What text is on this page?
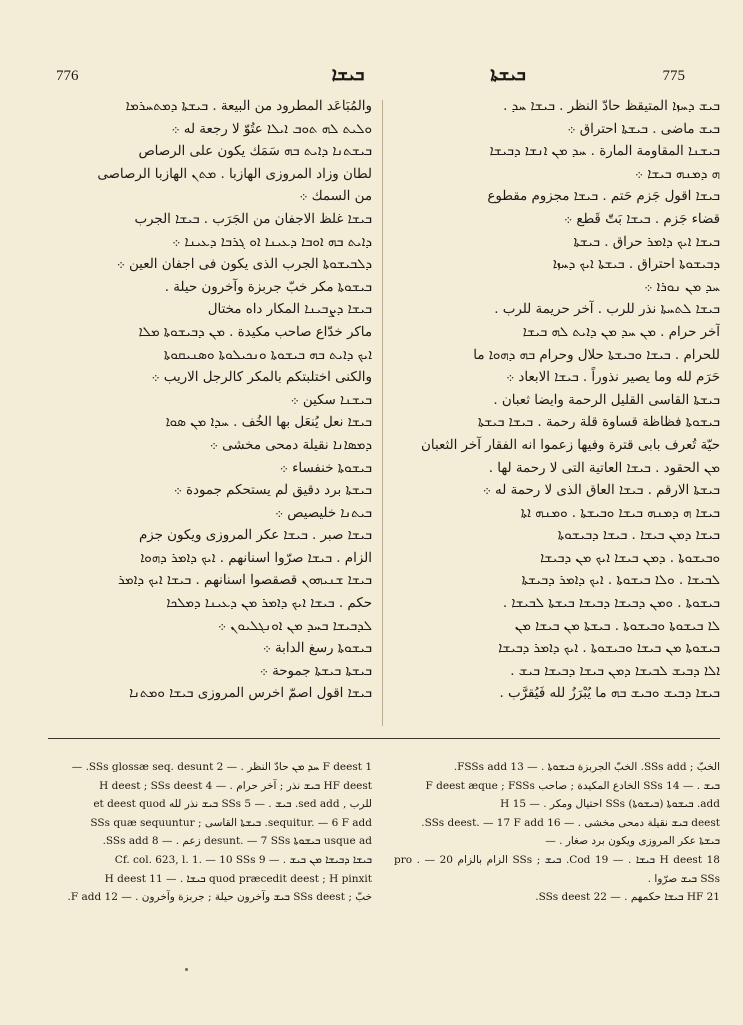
776	ܒܝܫܐ	ܒܝܫܬܐ	775

والمُبَاعَد المطرود من البيعة . ܒܝܫܬܐ ܕܡܬܚܪܡܐ

ܘܠܝܬ ܠܗ ܬܘܒ ܐܝܠܐ عتُوّ لا رجعة له ܀

ܒܝܫܬܢܐ ܕܐܝܬ ܒܗ سَمَك يكون على الرصاص

لطان وزاد المروزى الهازبا . ܡܬܢ الهازبا الرصاصى

من السمك ܀

ܒܝܫܐ غلظ الاجفان من الجَرَب . ܒܝܫܐ الجرب

ܕܐܝܬ ܒܗ ܐܘܒܐ ܕܥܝܢܐ ܐܘ ܓܪܒܐ ܕܥܝܢܐ ܀

ܕܠܒܝܫܘܬܐ الجرب الذى يكون فى اجفان العين ܀

ܒܝܫܘܬܐ مكر خبّ جربزة وآخرون حيلة .

ܒܝܫܐ ܕܨܒܝܢܐ المكار داه مختال

ماكر خدّاع صاحب مكيدة . ܡܢ ܕܒܝܫܘܬܐ ܡܠܐ

ܐܝܟ ܕܐܝܬ ܒܗ ܒܝܫܘܬܐ ܘܢܟܝܠܘܬܐ ܘܣܢܝܩܘܬܐ

والكنى اختلبتكم بالمكر كالرجل الاريب ܀

ܒܝܫܢܐ سكين ܀

ܒܝܫܐ نعل يُنعَل بها الخُف . ܚܕܐ ܡܢ ܣܘܐ

ܕܡܣܐܢܐ نقيلة دمحى مخشى ܀

ܒܝܫܘܬܐ خنفساء ܀

ܒܝܫܬܐ برد دقيق لم يستحكم جمودة ܀

ܒܝܬܢܐ خليصيص ܀

ܒܝܫܐ صبر . ܒܝܫܐ عكر المروزى ويكون جزم

الزام . ܒܝܫܐ صرّوا اسنانهم . ܐܝܟ ܕܐܡܪ ܕܗܘܐ

ܒܝܫܐ ܫܢܝܗܘܢ قصقصوا اسنانهم . ܒܝܫܐ ܐܝܟ ܕܐܡܪ

حكم . ܒܝܫܐ ܐܝܟ ܕܐܡܪ ܡܢ ܕܥܝܢܐ ܕܡܠܟܐ

ܠܕܒܝܫܐ ܒܚܕ ܡܢ ܐܘܢܓܠܝܘܢ ܀

ܒܝܫܘܬܐ رسغ الدابة ܀

ܒܝܫܬܐ ܒܝܫܬܐ جموحة ܀

ܒܝܫܐ اقول اصمّ اخرس المروزى ܒܝܫܐ ܘܡܬܢܐ

ܒܝܫ ܕܚܙܐ المتيقظ حادّ النظر . ܒܝܫܐ ܚܕ .

ܒܝܫ ماضى . ܒܝܫܬܐ احتراق ܀

ܒܝܫܢܐ المقاومة المارة . ܚܕ ܡܢ ܐܢܫܐ ܕܒܝܫܐ

ܗ ܕܡܢܗ ܒܝܫܐ ܀

ܒܝܫܐ اقول جَزم حَتم . ܒܝܫܐ مجزوم مقطوع

قضاء جَزم . ܒܝܫܐ بَتّ قَطع ܀

ܒܝܫܐ ܐܝܟ ܕܐܡܪ حراق . ܒܝܫܬܐ

ܕܒܝܫܘܬܐ احتراق . ܒܝܫܬܐ ܐܝܟ ܕܚܙܐ

ܚܕ ܡܢ ܢܘܪܐ ܀

ܒܝܫܐ ܠܬܚܬܐ نذر للرب . آخر حريمة للرب .

آخر حرام . ܡܢ ܚܕ ܡܢ ܕܐܝܬ ܠܗ ܒܝܫܐ

للحرام . ܒܝܫܐ ܘܒܝܫܬܐ حلال وحرام ܒܗ ܕܗܘܐ ما

حَرَم لله وما يصير نذوراً . ܒܝܫܐ الابعاد ܀

ܒܝܫܬܐ القاسى القليل الرحمة وايضا ثعبان .

ܒܝܫܘܬܐ فظاظة قساوة قلة رحمة . ܒܝܫܐ ܒܝܫܬܐ

حيّة تُعرف بابى قترة وفيها زعموا انه الفقار آخر الثعبان

ܡܢ الحقود . ܒܝܫܐ العاتية التى لا رحمة لها .

ܒܝܫܬܐ الارقم . ܒܝܫܐ العاق الذى لا رحمة له ܀

ܒܝܫܐ ܗ ܕܡܢܗ ܒܝܫܐ ܘܒܝܫܬܐ . ܘܡܢܗ ܐܬܐ

ܒܝܫܐ ܕܡܢ ܒܝܫܐ . ܒܝܫܐ ܕܒܝܫܘܬܐ

ܘܒܝܫܘܬܐ . ܕܡܢ ܒܝܫܐ ܐܝܟ ܡܢ ܕܒܝܫܐ

ܠܒܝܫܐ . ܘܠܐ ܒܝܫܘܬܐ . ܐܝܟ ܕܐܡܪ ܕܒܝܫܬܐ

ܒܝܫܘܬܐ . ܘܡܢ ܕܒܝܫܐ ܕܒܝܫܐ ܒܝܫܬܐ ܠܒܝܫܐ .

ܠܐ ܒܝܫܘܬܐ ܘܒܝܫܘܬܐ . ܒܝܫܬܐ ܡܢ ܒܝܫܐ ܡܢ

ܒܝܫܘܬܐ ܡܢ ܒܝܫܐ ܘܒܝܫܘܬܐ . ܐܝܟ ܕܐܡܪ ܕܒܝܫܐ

ܐܠܐ ܕܒܝܫ ܠܒܝܫܐ ܕܡܢ ܒܝܫܐ ܕܒܝܫܐ ܒܝܫ .

ܒܝܫܐ ܕܒܝܫ ܘܒܝܫ ܒܗ ما يُبْرَزُ لله فَيُقرَّب .

1 F deest ܚܕ ܡܢ حادّ النظر . — 2 SSs glossæ seq. desunt. —

HF deest ܒܝܫ نذر ; آخر حرام . — 4 H deest ; SSs deest

للرب , sed add. ܒܝܫ . — 5 SSs ܒܝܫ نذر لله et deest quod

sequitur. — 6 F add. ܒܝܫܬܐ القاسى ; SSs quæ sequuntur

usque ad ܒܝܫܘܬܐ desunt. — 7 SSs زعم . — 8 SSs add.

ܒܝܫܐ ܕܒܝܫܐ ܡܢ ܒܝܫ . — 9 Cf. col. 623, l. 1. — 10 SSs

quod præcedit deest ; H pinxit ܒܝܫܐ . — 11 H deest

خبّ ; SSs deest ܒܝܫ وآخرون حيلة ; جربزة وآخرون . — 12 F add.

الخبّ ; SSs add. الخبّ الجربزة ܒܝܫܘܬܐ . — 13 FSSs add.

ܒܝܫ . — 14 SSs الخادع المكيدة ; صاحب F deest æque ; FSSs

add. ܒܝܫܘܬܐ (ܒܝܫܘܬܐ) SSs احتيال ومكر . — 15 H

deest ܒܝܫ نقيلة دمحى مخشى . — 16 SSs deest. — 17 F add.

ܒܝܫܬܐ عكر المروزى ويكون برد صغار . —

18 H deest ܒܝܫܐ . — 19 Cod. ܒܝܫ ; SSs الزام بالزام pro . — 20 SSs ܒܝܫ صرّوا .

21 HF ܒܝܫܐ حكمهم . — 22 SSs deest.
